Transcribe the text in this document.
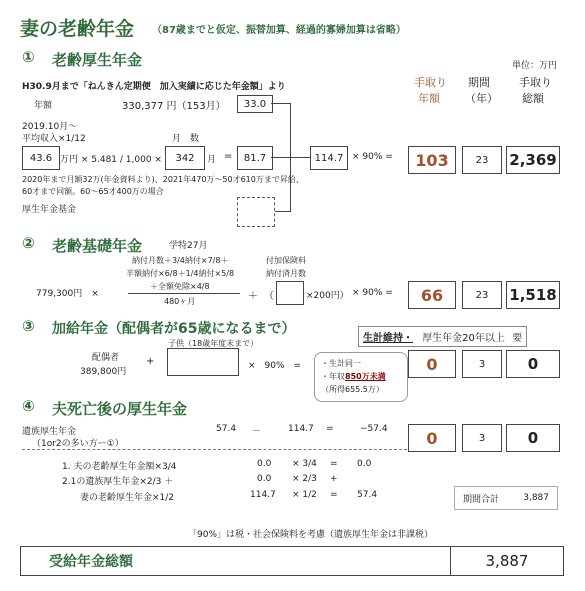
妻の老齢年金 （87歳までと仮定、振替加算、経過的寡婦加算は省略）
① 老齢厚生年金	単位：万円
手取り
年額
期間
（年）
手取り
総額
H30.9月まで「ねんきん定期便　加入実績に応じた年金額」より
年額	330,377 円（153月）	33.0
2019.10月～
平均収入×1/12	月　数
43.6 万円 × 5.481 / 1,000 ×	342	月 =	81.7	114.7 × 90% =
2020年まで月額32万(年金資料より)、2021年470万～50才610万まで昇給、
60才まで同額。60～65才400万の場合
厚生年金基金
103	23	2,369
② 老齢基礎年金	学特27月
納付月数＋3/4納付×7/8＋
半額納付×6/8＋1/4納付×5/8
＋全額免除×4/8
480ヶ月
779,300円　×
付加保険料
納付済月数
＋ （	×200円） × 90% =	66	23	1,518
③ 加給年金（配偶者が65歳になるまで）
生計維持・ 厚生年金20年以上 要
配偶者
389,800円
+
子供（18歳年度末まで）
×　90%　= ・生計同一
・年収850万未満
（所得655.5万）
0	3	0
④ 夫死亡後の厚生年金
遺族厚生年金
（1or2の多い方ー①）
57.4 －	114.7 =	−57.4
1. 夫の老齢厚生年金額×3/4	0.0 × 3/4 = 0.0
2.1の遺族厚生年金×2/3 ＋	0.0 × 2/3 +
妻の老齢厚生年金×1/2	114.7 × 1/2 = 57.4
0	3	0
期間合計	3,887
「90%」は税・社会保険料を考慮（遺族厚生年金は非課税）
受給年金総額	3,887
